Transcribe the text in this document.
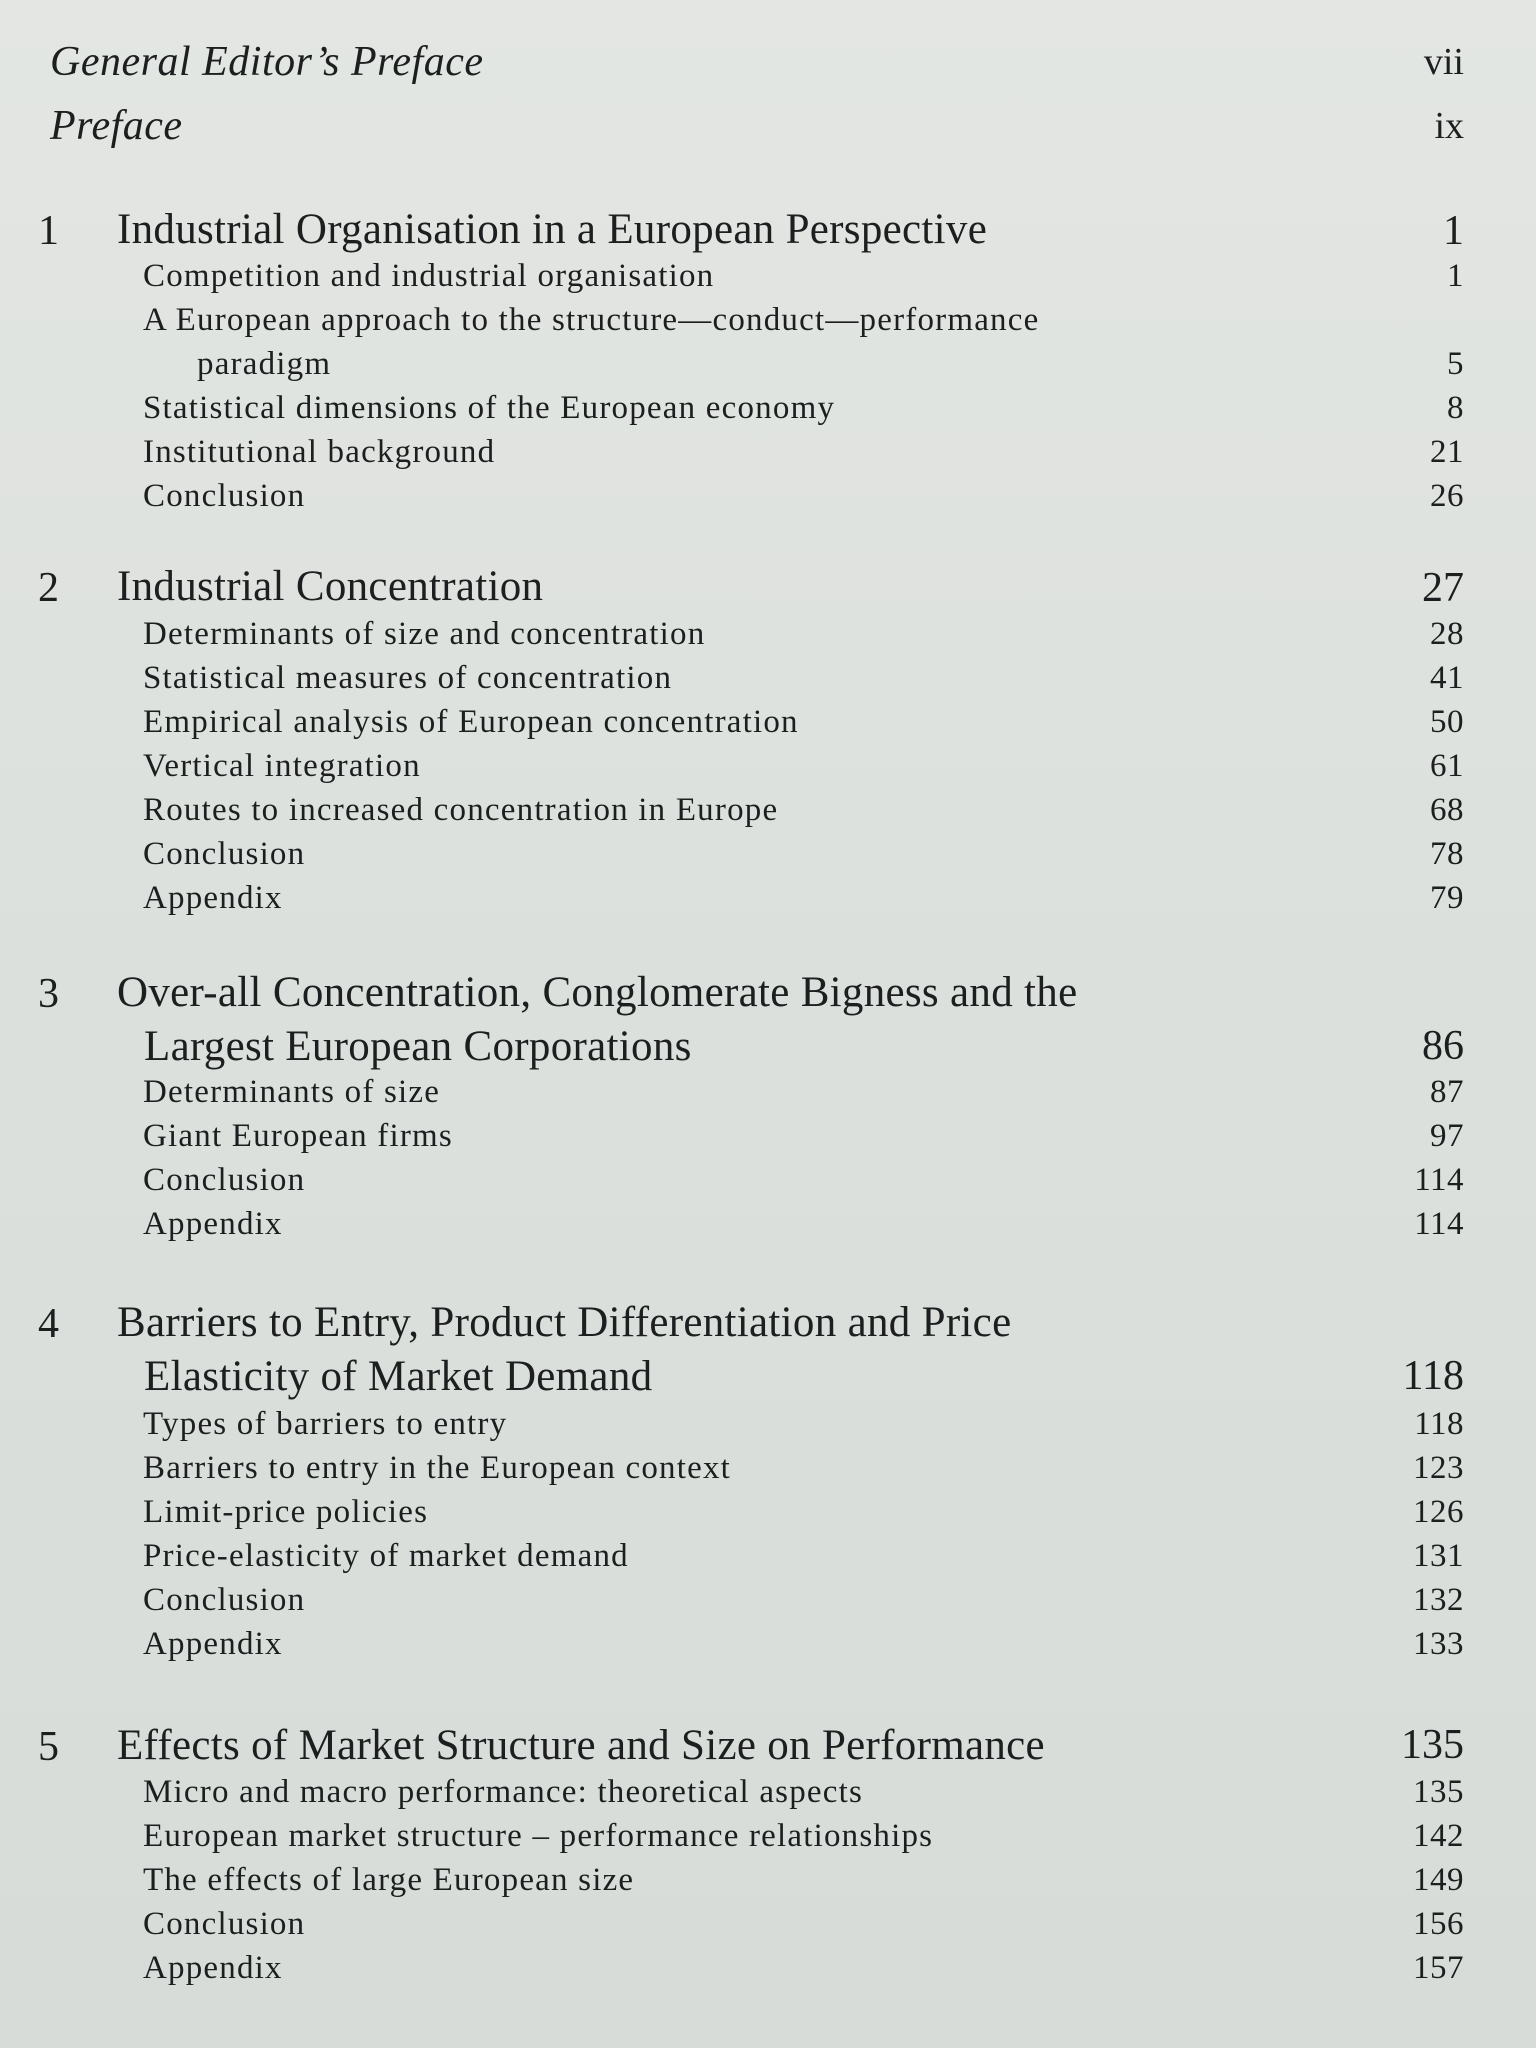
General Editor’s Preface	vii
Preface	ix
1 Industrial Organisation in a European Perspective	1
Competition and industrial organisation	1
A European approach to the structure—conduct—performance
paradigm	5
Statistical dimensions of the European economy	8
Institutional background	21
Conclusion	26
2 Industrial Concentration	27
Determinants of size and concentration	28
Statistical measures of concentration	41
Empirical analysis of European concentration	50
Vertical integration	61
Routes to increased concentration in Europe	68
Conclusion	78
Appendix	79
3 Over-all Concentration, Conglomerate Bigness and the
Largest European Corporations	86
Determinants of size	87
Giant European firms	97
Conclusion	114
Appendix	114
4 Barriers to Entry, Product Differentiation and Price
Elasticity of Market Demand	118
Types of barriers to entry	118
Barriers to entry in the European context	123
Limit-price policies	126
Price-elasticity of market demand	131
Conclusion	132
Appendix	133
5 Effects of Market Structure and Size on Performance	135
Micro and macro performance: theoretical aspects	135
European market structure – performance relationships	142
The effects of large European size	149
Conclusion	156
Appendix	157
